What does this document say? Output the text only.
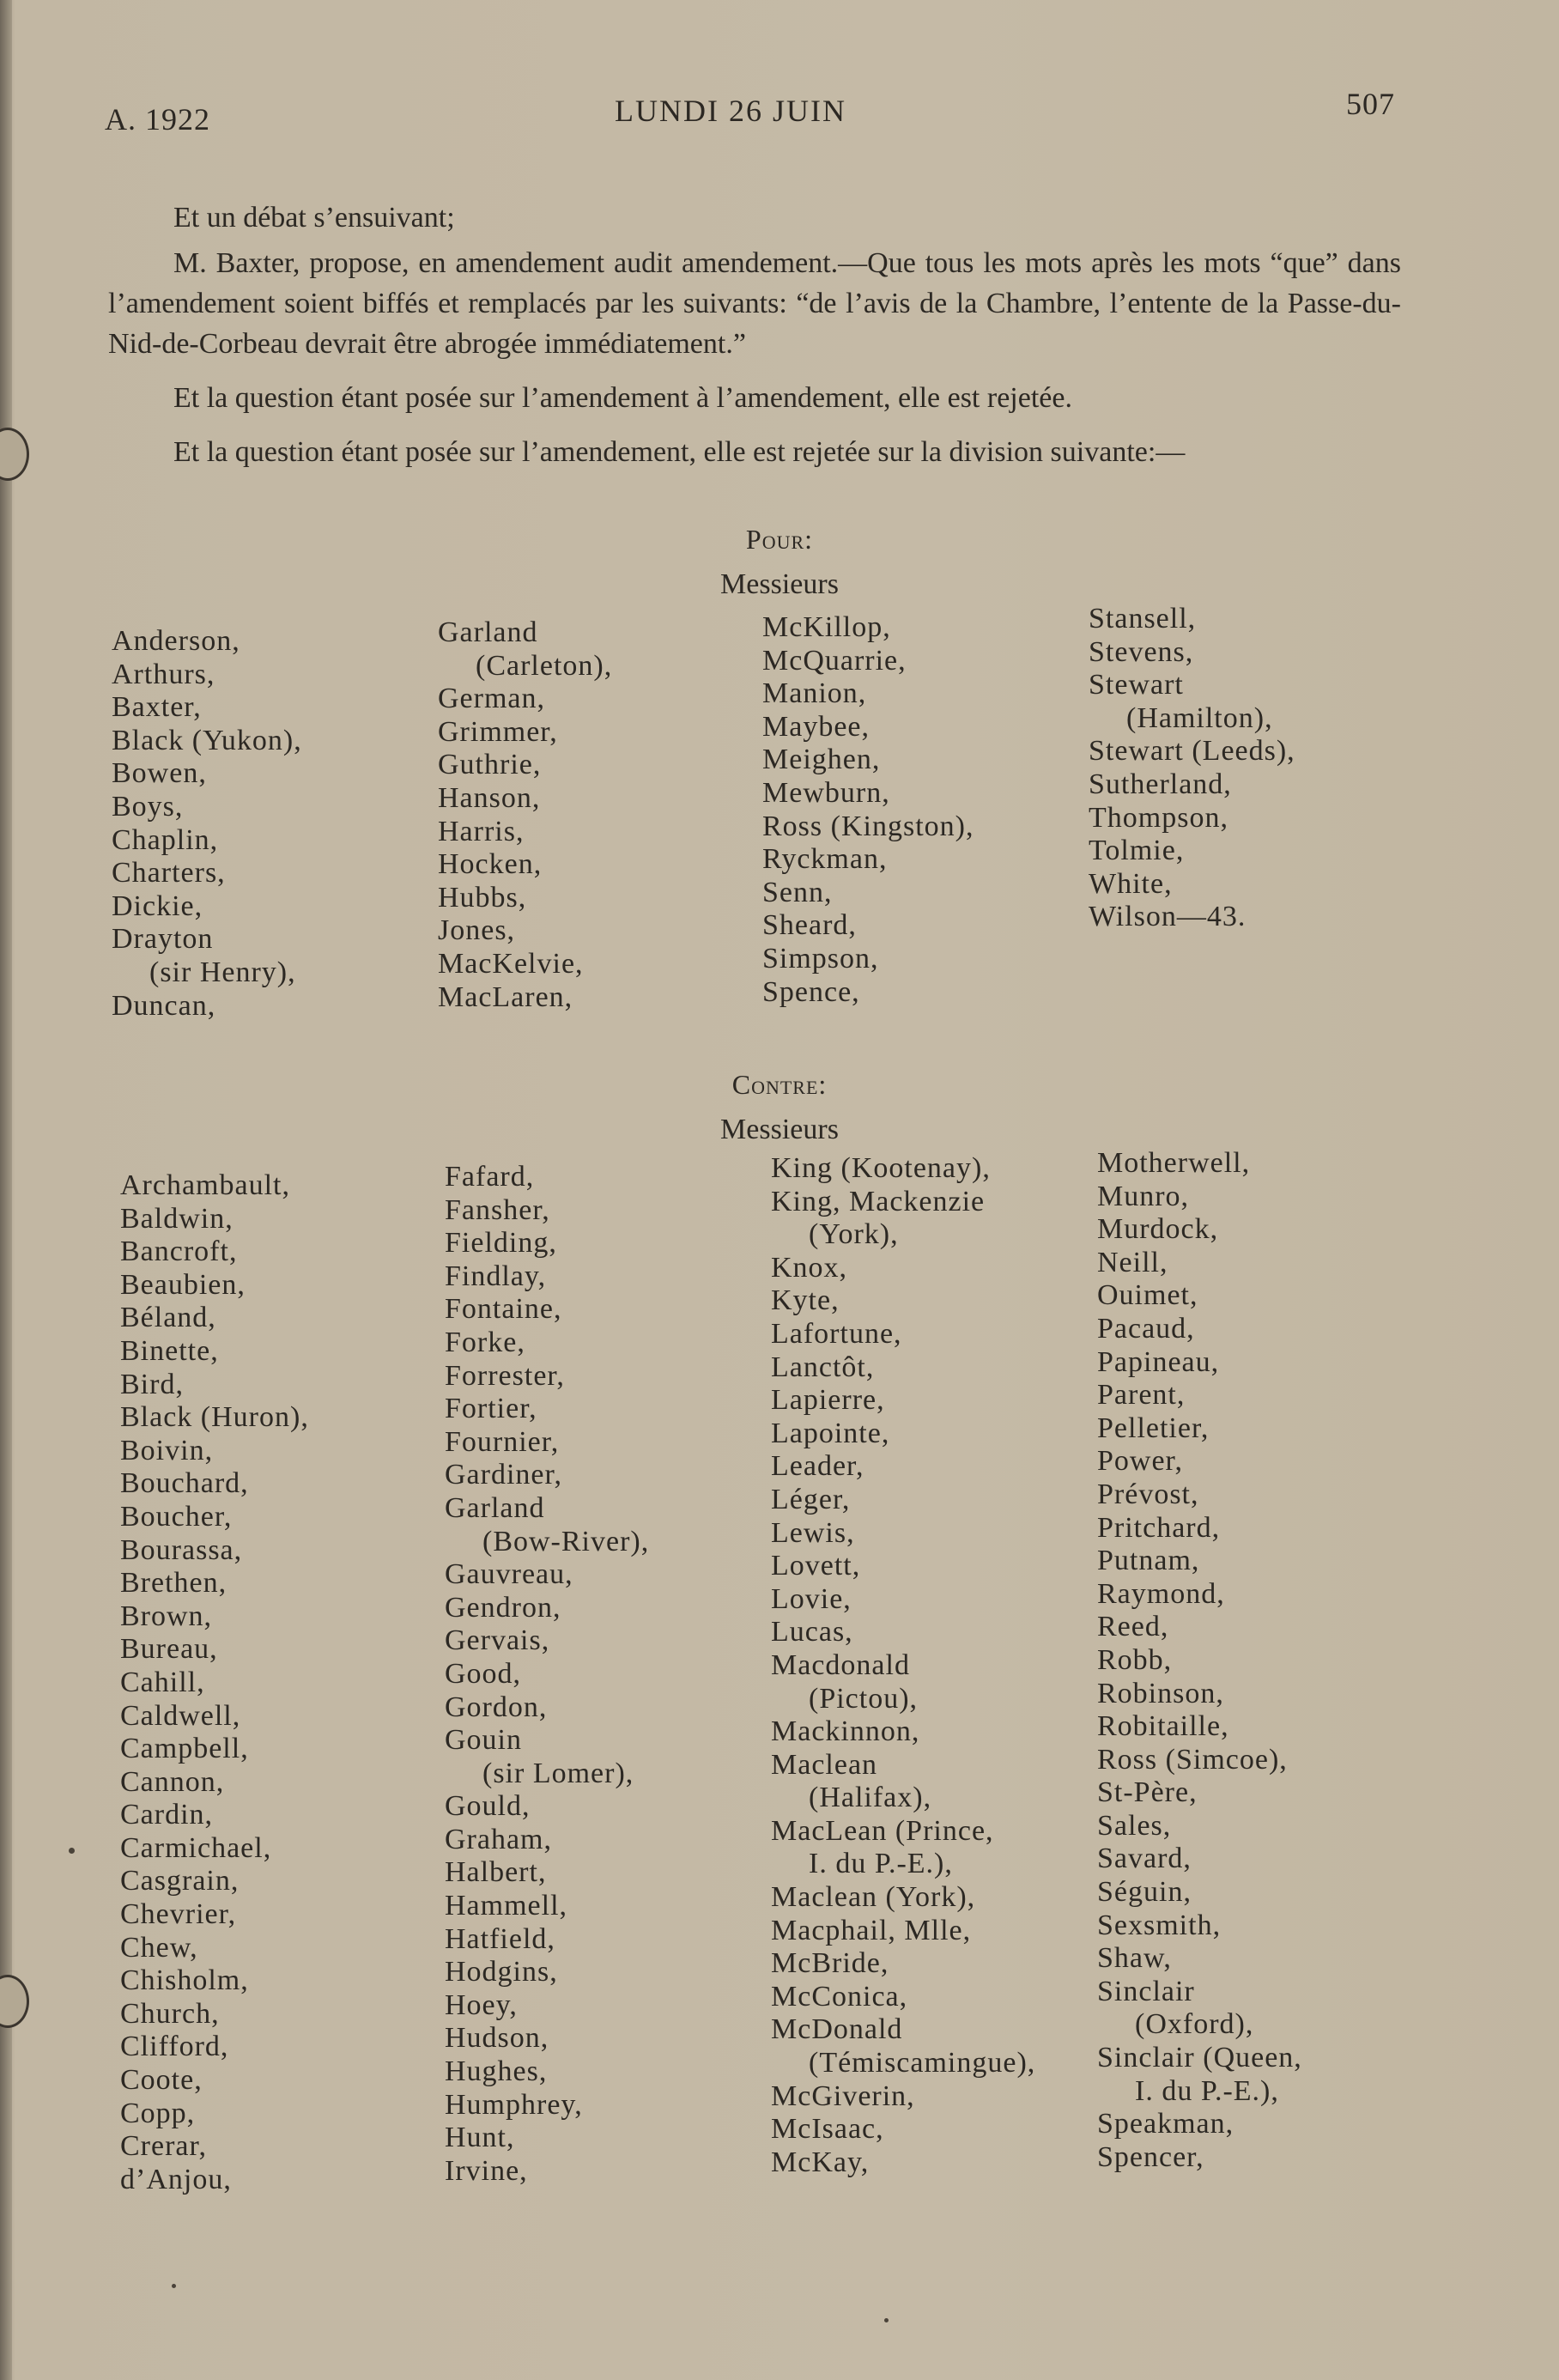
A. 1922	LUNDI 26 JUIN	507

Et un débat s’ensuivant;

M. Baxter, propose, en amendement audit amendement.—Que tous les mots après les mots “que” dans l’amendement soient biffés et remplacés par les suivants: “de l’avis de la Chambre, l’entente de la Passe-du-Nid-de-Corbeau devrait être abrogée immédiatement.”

Et la question étant posée sur l’amendement à l’amendement, elle est rejetée.

Et la question étant posée sur l’amendement, elle est rejetée sur la division suivante:—

Pour:
Messieurs
Anderson,
Arthurs,
Baxter,
Black (Yukon),
Bowen,
Boys,
Chaplin,
Charters,
Dickie,
Drayton
(sir Henry),
Duncan,
Garland
(Carleton),
German,
Grimmer,
Guthrie,
Hanson,
Harris,
Hocken,
Hubbs,
Jones,
MacKelvie,
MacLaren,
McKillop,
McQuarrie,
Manion,
Maybee,
Meighen,
Mewburn,
Ross (Kingston),
Ryckman,
Senn,
Sheard,
Simpson,
Spence,
Stansell,
Stevens,
Stewart
(Hamilton),
Stewart (Leeds),
Sutherland,
Thompson,
Tolmie,
White,
Wilson—43.
Contre:
Messieurs
Archambault,
Baldwin,
Bancroft,
Beaubien,
Béland,
Binette,
Bird,
Black (Huron),
Boivin,
Bouchard,
Boucher,
Bourassa,
Brethen,
Brown,
Bureau,
Cahill,
Caldwell,
Campbell,
Cannon,
Cardin,
Carmichael,
Casgrain,
Chevrier,
Chew,
Chisholm,
Church,
Clifford,
Coote,
Copp,
Crerar,
d’Anjou,
Fafard,
Fansher,
Fielding,
Findlay,
Fontaine,
Forke,
Forrester,
Fortier,
Fournier,
Gardiner,
Garland
(Bow-River),
Gauvreau,
Gendron,
Gervais,
Good,
Gordon,
Gouin
(sir Lomer),
Gould,
Graham,
Halbert,
Hammell,
Hatfield,
Hodgins,
Hoey,
Hudson,
Hughes,
Humphrey,
Hunt,
Irvine,
King (Kootenay),
King, Mackenzie
(York),
Knox,
Kyte,
Lafortune,
Lanctôt,
Lapierre,
Lapointe,
Leader,
Léger,
Lewis,
Lovett,
Lovie,
Lucas,
Macdonald
(Pictou),
Mackinnon,
Maclean
(Halifax),
MacLean (Prince,
I. du P.-E.),
Maclean (York),
Macphail, Mlle,
McBride,
McConica,
McDonald
(Témiscamingue),
McGiverin,
McIsaac,
McKay,
Motherwell,
Munro,
Murdock,
Neill,
Ouimet,
Pacaud,
Papineau,
Parent,
Pelletier,
Power,
Prévost,
Pritchard,
Putnam,
Raymond,
Reed,
Robb,
Robinson,
Robitaille,
Ross (Simcoe),
St-Père,
Sales,
Savard,
Séguin,
Sexsmith,
Shaw,
Sinclair
(Oxford),
Sinclair (Queen,
I. du P.-E.),
Speakman,
Spencer,
